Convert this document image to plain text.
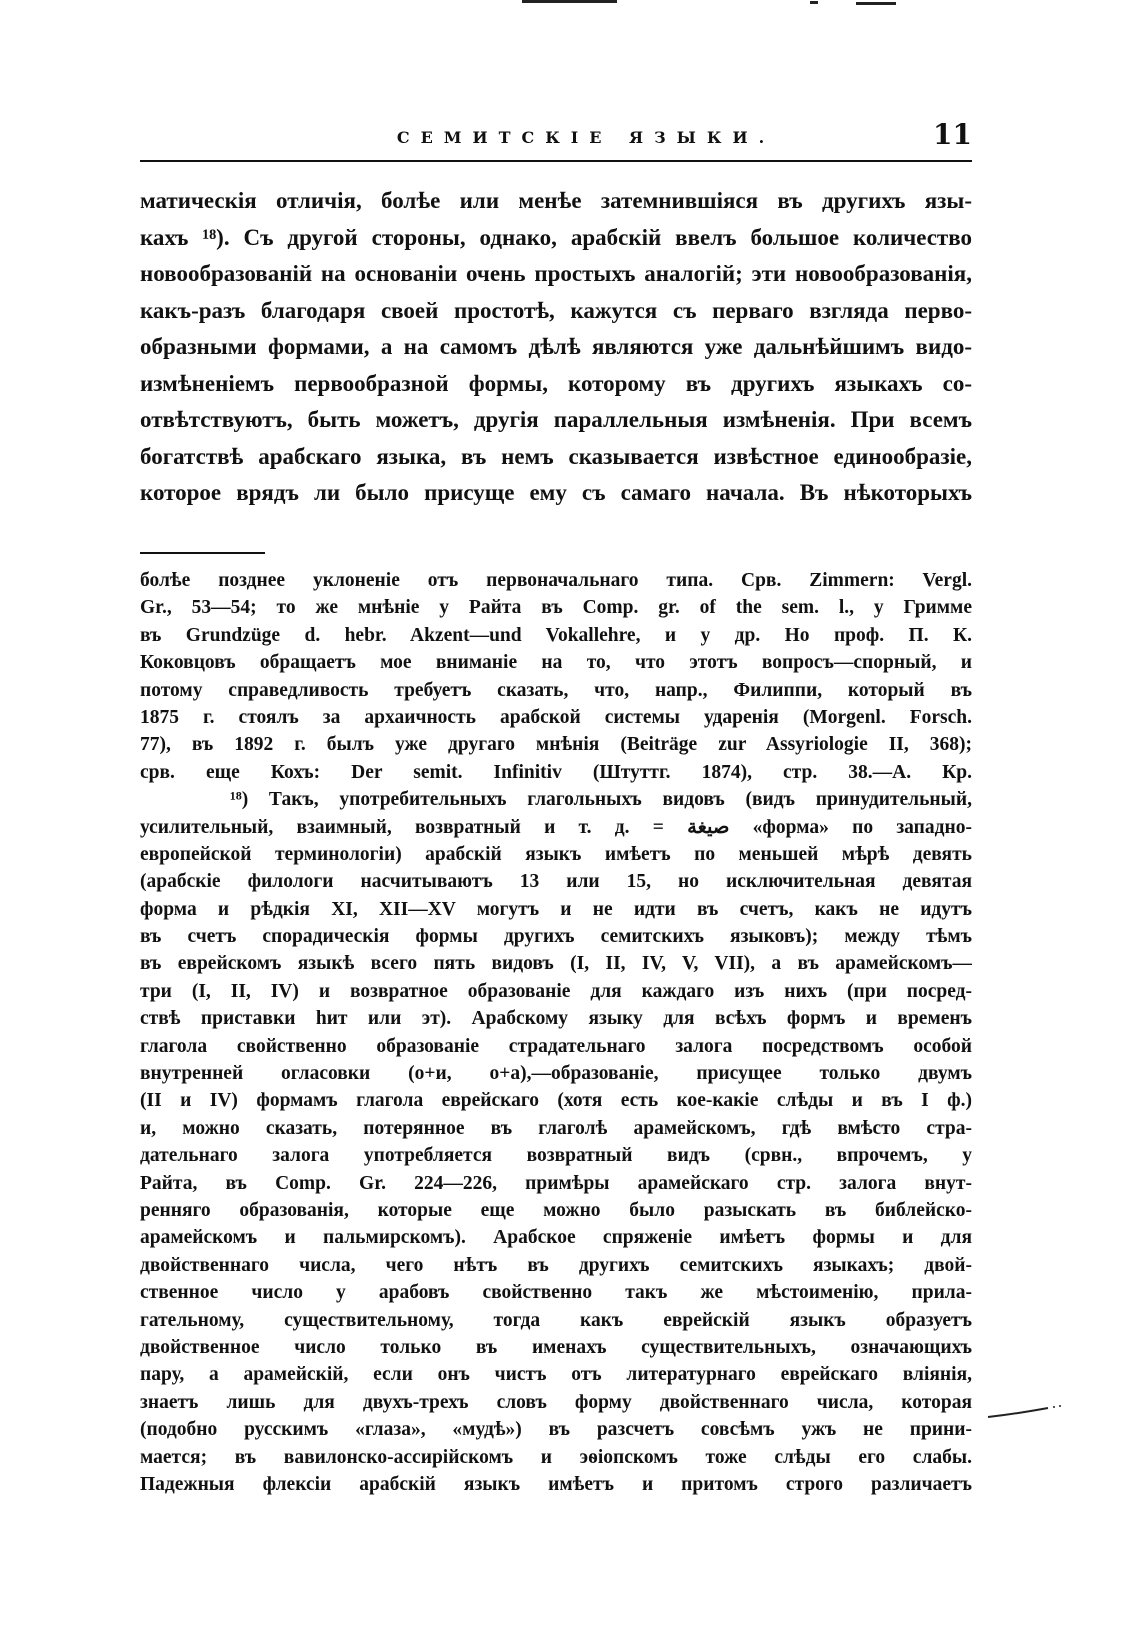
СЕМИТСКІЕ ЯЗЫКИ.	11
матическія отличія, болѣе или менѣе затемнившіяся въ другихъ язы-
кахъ ¹⁸). Съ другой стороны, однако, арабскій ввелъ большое количество
новообразованій на основаніи очень простыхъ аналогій; эти новообразованія,
какъ-разъ благодаря своей простотѣ, кажутся съ перваго взгляда перво-
образными формами, а на самомъ дѣлѣ являются уже дальнѣйшимъ видо-
измѣненіемъ первообразной формы, которому въ другихъ языкахъ со-
отвѣтствуютъ, быть можетъ, другія параллельныя измѣненія. При всемъ
богатствѣ арабскаго языка, въ немъ сказывается извѣстное единообразіе,
которое врядъ ли было присуще ему съ самаго начала. Въ нѣкоторыхъ
болѣе позднее уклоненіе отъ первоначальнаго типа. Срв. Zimmern: Vergl.
Gr., 53—54; то же мнѣніе у Райта въ Comp. gr. of the sem. l., у Гримме
въ Grundzüge d. hebr. Akzent—und Vokallehre, и у др. Но проф. П. К.
Коковцовъ обращаетъ мое вниманіе на то, что этотъ вопросъ—спорный, и
потому справедливость требуетъ сказать, что, напр., Филиппи, который въ
1875 г. стоялъ за архаичность арабской системы ударенія (Morgenl. Forsch.
77), въ 1892 г. былъ уже другаго мнѣнія (Beiträge zur Assyriologie II, 368);
срв. еще Кохъ: Der semit. Infinitiv (Штуттг. 1874), стр. 38.—А. Кр.
¹⁸) Такъ, употребительныхъ глагольныхъ видовъ (видъ принудительный,
усилительный, взаимный, возвратный и т. д. = صيغة «форма» по западно-
европейской терминологіи) арабскій языкъ имѣетъ по меньшей мѣрѣ девять
(арабскіе филологи насчитываютъ 13 или 15, но исключительная девятая
форма и рѣдкія XI, XII—XV могутъ и не идти въ счетъ, какъ не идутъ
въ счетъ спорадическія формы другихъ семитскихъ языковъ); между тѣмъ
въ еврейскомъ языкѣ всего пять видовъ (I, II, IV, V, VII), а въ арамейскомъ—
три (I, II, IV) и возвратное образованіе для каждаго изъ нихъ (при посред-
ствѣ приставки hит или эт). Арабскому языку для всѣхъ формъ и временъ
глагола свойственно образованіе страдательнаго залога посредствомъ особой
внутренней огласовки (о+и, о+а),—образованіе, присущее только двумъ
(II и IV) формамъ глагола еврейскаго (хотя есть кое-какіе слѣды и въ I ф.)
и, можно сказать, потерянное въ глаголѣ арамейскомъ, гдѣ вмѣсто стра-
дательнаго залога употребляется возвратный видъ (срвн., впрочемъ, у
Райта, въ Comp. Gr. 224—226, примѣры арамейскаго стр. залога внут-
ренняго образованія, которые еще можно было разыскать въ библейско-
арамейскомъ и пальмирскомъ). Арабское спряженіе имѣетъ формы и для
двойственнаго числа, чего нѣтъ въ другихъ семитскихъ языкахъ; двой-
ственное число у арабовъ свойственно такъ же мѣстоименію, прила-
гательному, существительному, тогда какъ еврейскій языкъ образуетъ
двойственное число только въ именахъ существительныхъ, означающихъ
пару, а арамейскій, если онъ чистъ отъ литературнаго еврейскаго вліянія,
знаетъ лишь для двухъ-трехъ словъ форму двойственнаго числа, которая
(подобно русскимъ «глаза», «мудѣ») въ разсчетъ совсѣмъ ужъ не прини-
мается; въ вавилонско-ассирійскомъ и эѳіопскомъ тоже слѣды его слабы.
Падежныя флексіи арабскій языкъ имѣетъ и притомъ строго различаетъ
